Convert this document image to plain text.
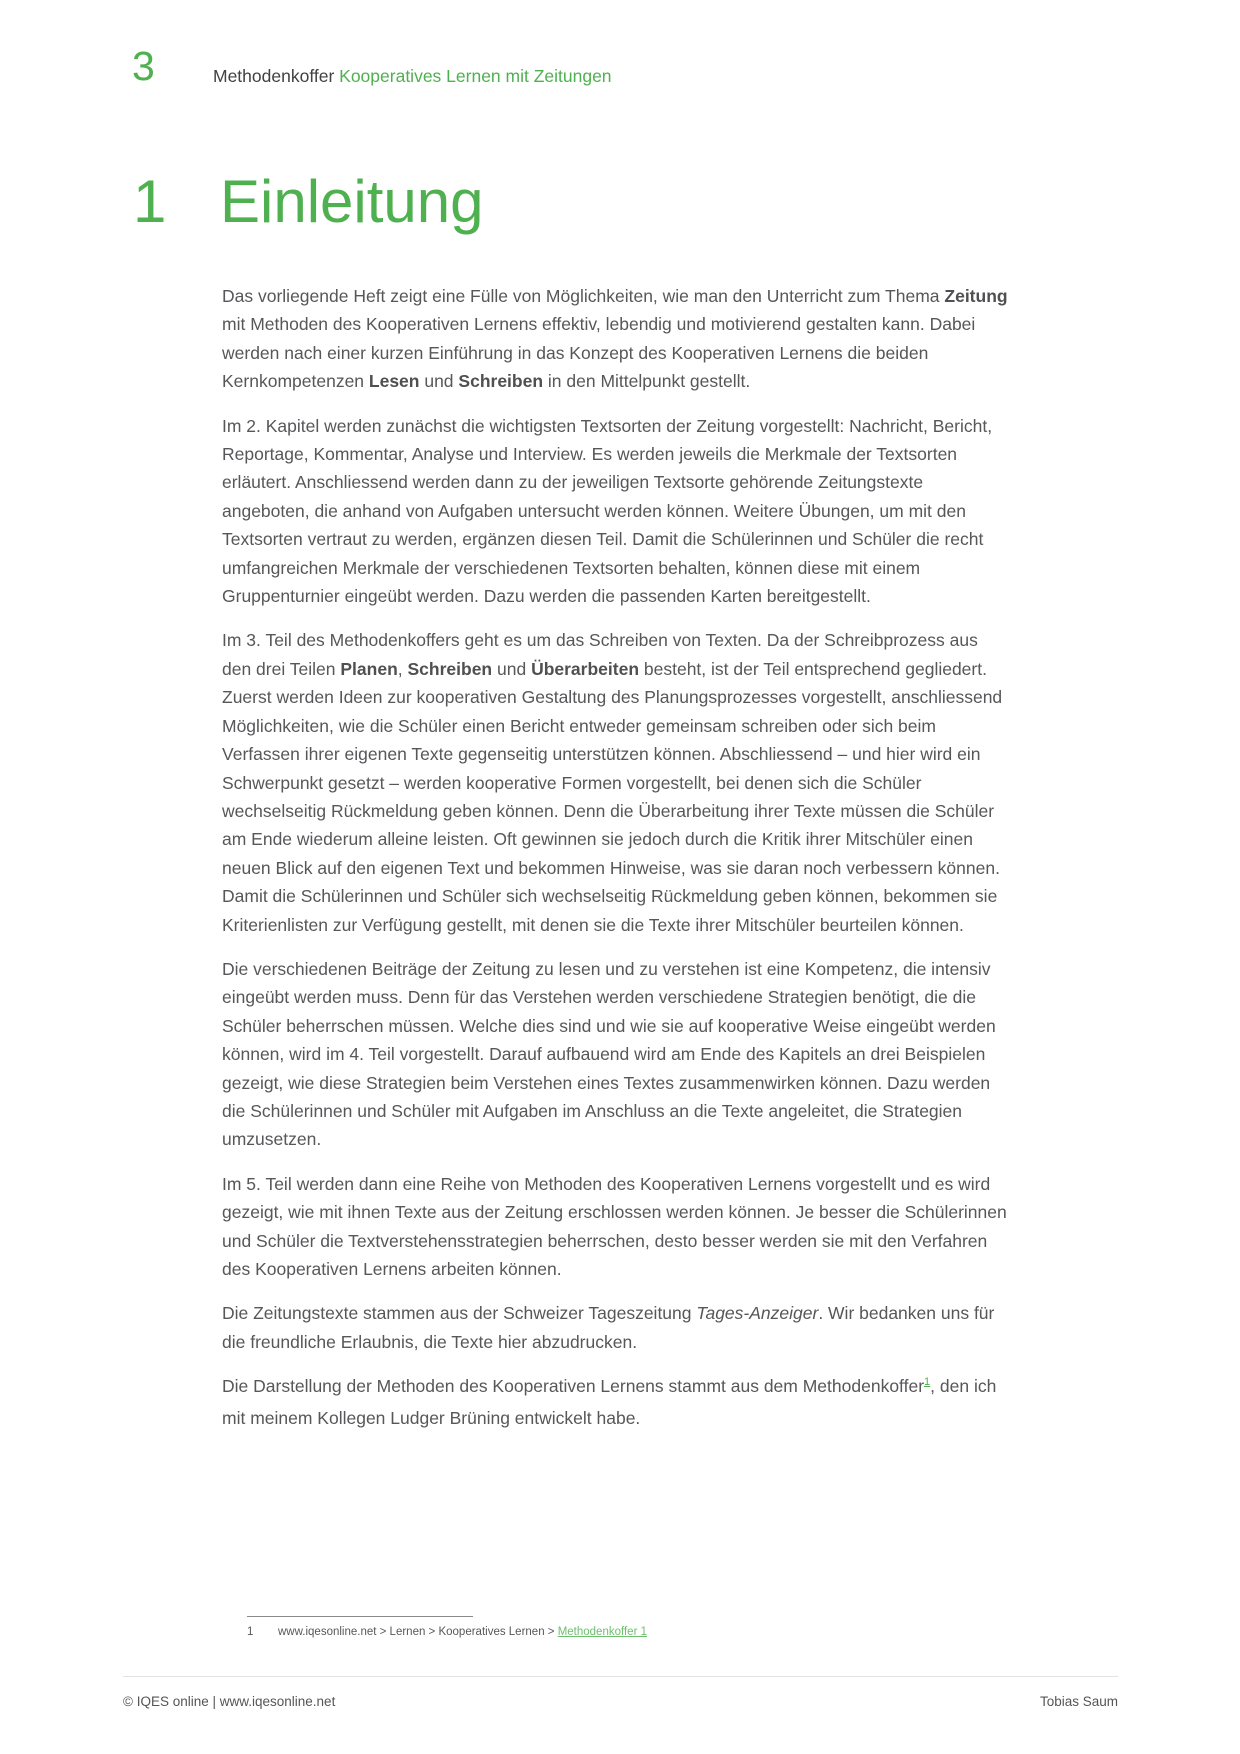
3	Methodenkoffer Kooperatives Lernen mit Zeitungen
1 Einleitung

Das vorliegende Heft zeigt eine Fülle von Möglichkeiten, wie man den Unterricht zum Thema Zeitung mit Methoden des Kooperativen Lernens effektiv, lebendig und motivierend gestalten kann. Dabei werden nach einer kurzen Einführung in das Konzept des Kooperativen Lernens die beiden Kernkompetenzen Lesen und Schreiben in den Mittelpunkt gestellt.

Im 2. Kapitel werden zunächst die wichtigsten Textsorten der Zeitung vorgestellt: Nachricht, Bericht, Reportage, Kommentar, Analyse und Interview. Es werden jeweils die Merkmale der Textsorten erläutert. Anschliessend werden dann zu der jeweiligen Textsorte gehörende Zeitungstexte angeboten, die anhand von Aufgaben untersucht werden können. Weitere Übungen, um mit den Textsorten vertraut zu werden, ergänzen diesen Teil. Damit die Schülerinnen und Schüler die recht umfangreichen Merkmale der verschiedenen Textsorten behalten, können diese mit einem Gruppenturnier eingeübt werden. Dazu werden die passenden Karten bereitgestellt.

Im 3. Teil des Methodenkoffers geht es um das Schreiben von Texten. Da der Schreibprozess aus den drei Teilen Planen, Schreiben und Überarbeiten besteht, ist der Teil entsprechend gegliedert. Zuerst werden Ideen zur kooperativen Gestaltung des Planungsprozesses vorgestellt, anschliessend Möglichkeiten, wie die Schüler einen Bericht entweder gemeinsam schreiben oder sich beim Verfassen ihrer eigenen Texte gegenseitig unterstützen können. Abschliessend – und hier wird ein Schwerpunkt gesetzt – werden kooperative Formen vorgestellt, bei denen sich die Schüler wechselseitig Rückmeldung geben können. Denn die Überarbeitung ihrer Texte müssen die Schüler am Ende wiederum alleine leisten. Oft gewinnen sie jedoch durch die Kritik ihrer Mitschüler einen neuen Blick auf den eigenen Text und bekommen Hinweise, was sie daran noch verbessern können. Damit die Schülerinnen und Schüler sich wechselseitig Rückmeldung geben können, bekommen sie Kriterienlisten zur Verfügung gestellt, mit denen sie die Texte ihrer Mitschüler beurteilen können.

Die verschiedenen Beiträge der Zeitung zu lesen und zu verstehen ist eine Kompetenz, die intensiv eingeübt werden muss. Denn für das Verstehen werden verschiedene Strategien benötigt, die die Schüler beherrschen müssen. Welche dies sind und wie sie auf kooperative Weise eingeübt werden können, wird im 4. Teil vorgestellt. Darauf aufbauend wird am Ende des Kapitels an drei Beispielen gezeigt, wie diese Strategien beim Verstehen eines Textes zusammenwirken können. Dazu werden die Schülerinnen und Schüler mit Aufgaben im Anschluss an die Texte angeleitet, die Strategien umzusetzen.

Im 5. Teil werden dann eine Reihe von Methoden des Kooperativen Lernens vorgestellt und es wird gezeigt, wie mit ihnen Texte aus der Zeitung erschlossen werden können. Je besser die Schülerinnen und Schüler die Textverstehensstrategien beherrschen, desto besser werden sie mit den Verfahren des Kooperativen Lernens arbeiten können.

Die Zeitungstexte stammen aus der Schweizer Tageszeitung Tages-Anzeiger. Wir bedanken uns für die freundliche Erlaubnis, die Texte hier abzudrucken.

Die Darstellung der Methoden des Kooperativen Lernens stammt aus dem Methodenkoffer$^1$, den ich mit meinem Kollegen Ludger Brüning entwickelt habe.

1	www.iqesonline.net > Lernen > Kooperatives Lernen > Methodenkoffer 1
© IQES online | www.iqesonline.net	Tobias Saum
